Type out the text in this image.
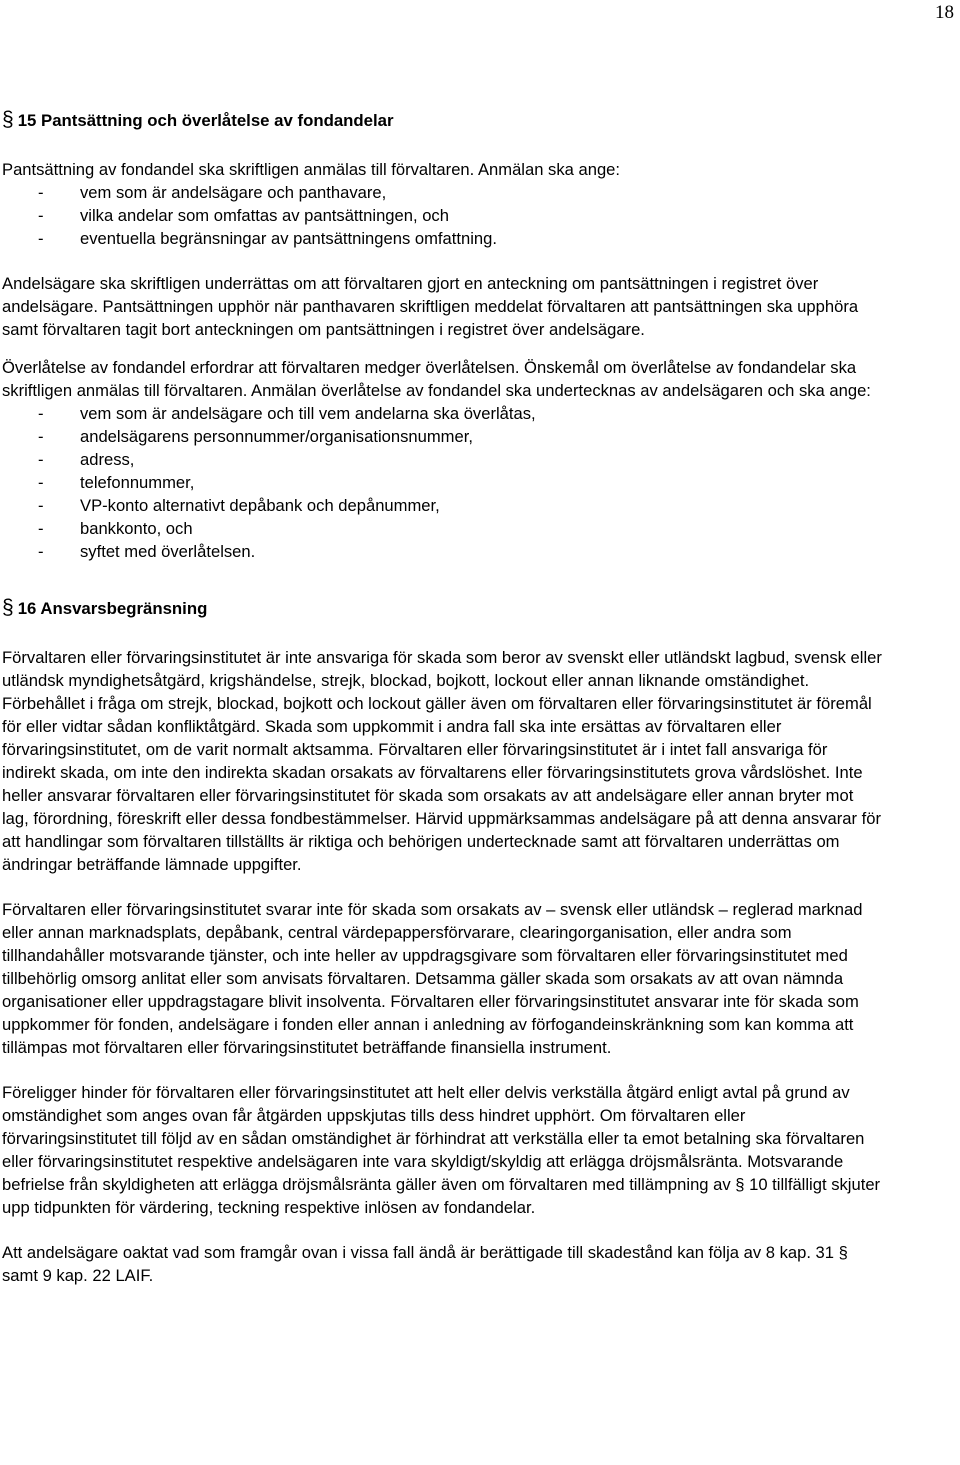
18
§ 15 Pantsättning och överlåtelse av fondandelar

Pantsättning av fondandel ska skriftligen anmälas till förvaltaren. Anmälan ska ange:

- vem som är andelsägare och panthavare,
- vilka andelar som omfattas av pantsättningen, och
- eventuella begränsningar av pantsättningens omfattning.

Andelsägare ska skriftligen underrättas om att förvaltaren gjort en anteckning om pantsättningen i registret över andelsägare. Pantsättningen upphör när panthavaren skriftligen meddelat förvaltaren att pantsättningen ska upphöra samt förvaltaren tagit bort anteckningen om pantsättningen i registret över andelsägare.

Överlåtelse av fondandel erfordrar att förvaltaren medger överlåtelsen. Önskemål om överlåtelse av fondandelar ska skriftligen anmälas till förvaltaren. Anmälan överlåtelse av fondandel ska undertecknas av andelsägaren och ska ange:

- vem som är andelsägare och till vem andelarna ska överlåtas,
- andelsägarens personnummer/organisationsnummer,
- adress,
- telefonnummer,
- VP-konto alternativt depåbank och depånummer,
- bankkonto, och
- syftet med överlåtelsen.
§ 16 Ansvarsbegränsning

Förvaltaren eller förvaringsinstitutet är inte ansvariga för skada som beror av svenskt eller utländskt lagbud, svensk eller utländsk myndighetsåtgärd, krigshändelse, strejk, blockad, bojkott, lockout eller annan liknande omständighet. Förbehållet i fråga om strejk, blockad, bojkott och lockout gäller även om förvaltaren eller förvaringsinstitutet är föremål för eller vidtar sådan konfliktåtgärd. Skada som uppkommit i andra fall ska inte ersättas av förvaltaren eller förvaringsinstitutet, om de varit normalt aktsamma. Förvaltaren eller förvaringsinstitutet är i intet fall ansvariga för indirekt skada, om inte den indirekta skadan orsakats av förvaltarens eller förvaringsinstitutets grova vårdslöshet. Inte heller ansvarar förvaltaren eller förvaringsinstitutet för skada som orsakats av att andelsägare eller annan bryter mot lag, förordning, föreskrift eller dessa fondbestämmelser. Härvid uppmärksammas andelsägare på att denna ansvarar för att handlingar som förvaltaren tillställts är riktiga och behörigen undertecknade samt att förvaltaren underrättas om ändringar beträffande lämnade uppgifter.

Förvaltaren eller förvaringsinstitutet svarar inte för skada som orsakats av – svensk eller utländsk – reglerad marknad eller annan marknadsplats, depåbank, central värdepappersförvarare, clearingorganisation, eller andra som tillhandahåller motsvarande tjänster, och inte heller av uppdragsgivare som förvaltaren eller förvaringsinstitutet med tillbehörlig omsorg anlitat eller som anvisats förvaltaren. Detsamma gäller skada som orsakats av att ovan nämnda organisationer eller uppdragstagare blivit insolventa. Förvaltaren eller förvaringsinstitutet ansvarar inte för skada som uppkommer för fonden, andelsägare i fonden eller annan i anledning av förfogandeinskränkning som kan komma att tillämpas mot förvaltaren eller förvaringsinstitutet beträffande finansiella instrument.

Föreligger hinder för förvaltaren eller förvaringsinstitutet att helt eller delvis verkställa åtgärd enligt avtal på grund av omständighet som anges ovan får åtgärden uppskjutas tills dess hindret upphört. Om förvaltaren eller förvaringsinstitutet till följd av en sådan omständighet är förhindrat att verkställa eller ta emot betalning ska förvaltaren eller förvaringsinstitutet respektive andelsägaren inte vara skyldigt/skyldig att erlägga dröjsmålsränta. Motsvarande befrielse från skyldigheten att erlägga dröjsmålsränta gäller även om förvaltaren med tillämpning av § 10 tillfälligt skjuter upp tidpunkten för värdering, teckning respektive inlösen av fondandelar.

Att andelsägare oaktat vad som framgår ovan i vissa fall ändå är berättigade till skadestånd kan följa av 8 kap. 31 § samt 9 kap. 22 LAIF.
